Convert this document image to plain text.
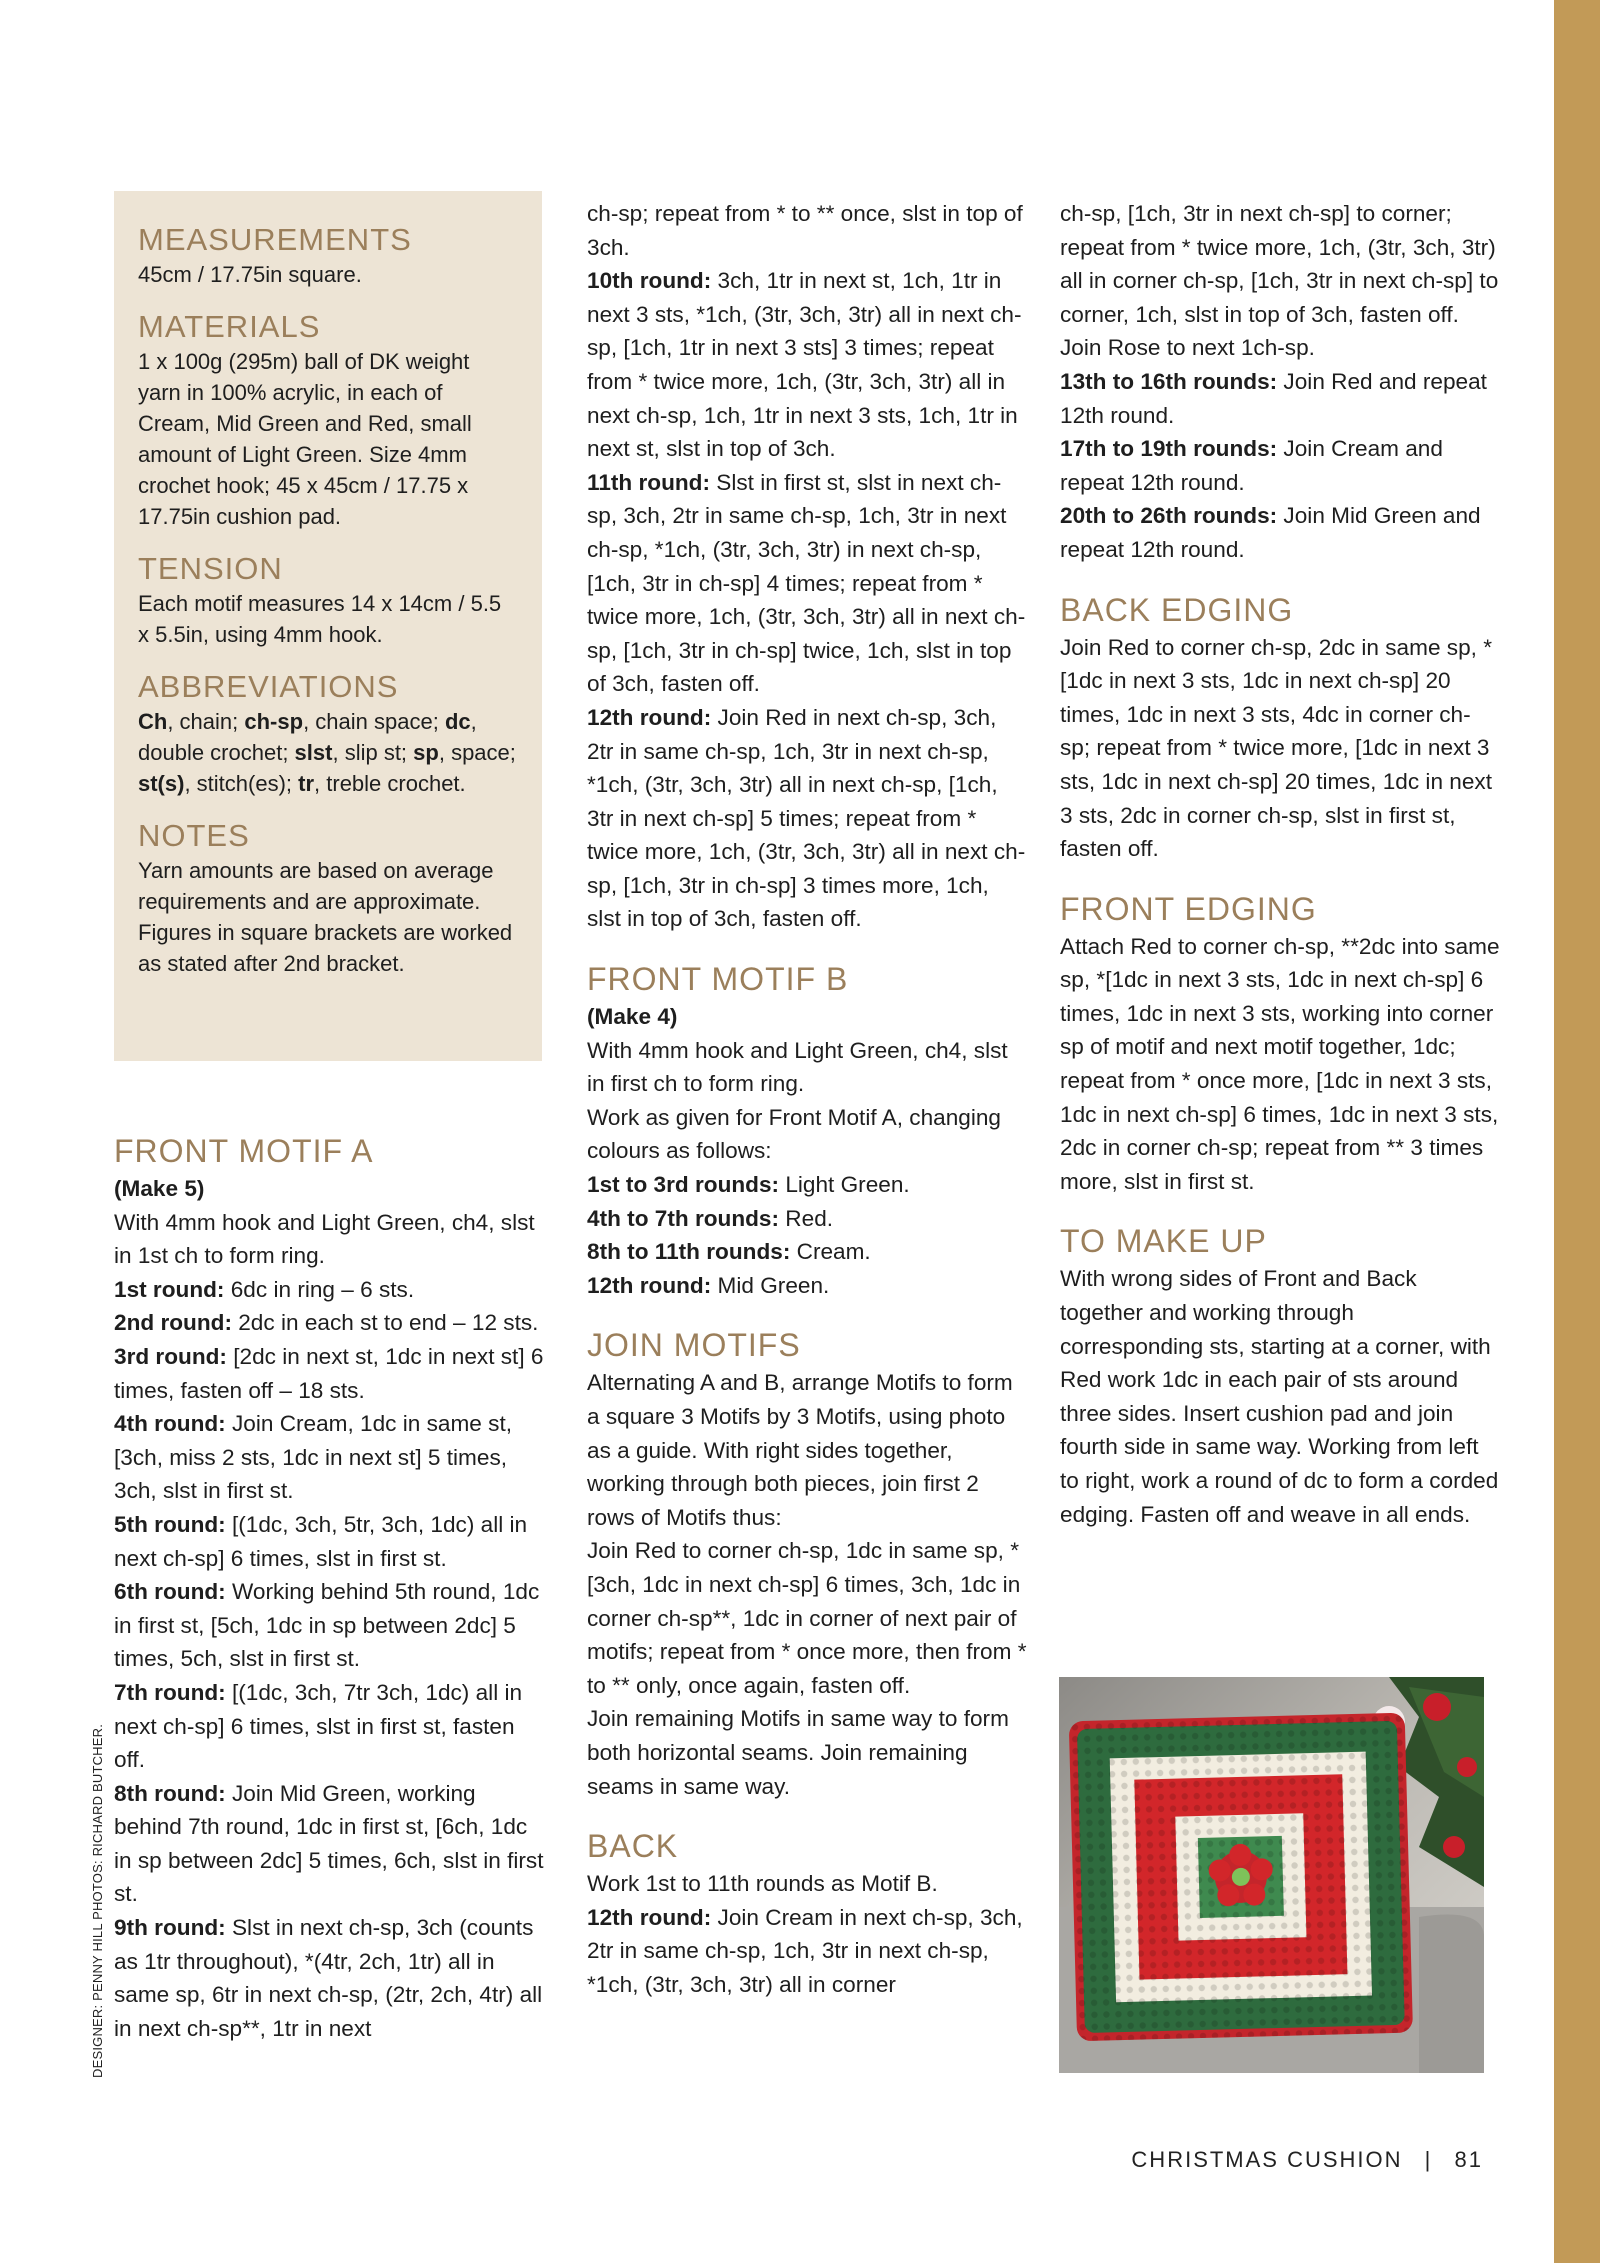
MEASUREMENTS

45cm / 17.75in square.

MATERIALS

1 x 100g (295m) ball of DK weight yarn in 100% acrylic, in each of Cream, Mid Green and Red, small amount of Light Green. Size 4mm crochet hook; 45 x 45cm / 17.75 x 17.75in cushion pad.

TENSION

Each motif measures 14 x 14cm / 5.5 x 5.5in, using 4mm hook.

ABBREVIATIONS

Ch, chain; ch-sp, chain space; dc, double crochet; slst, slip st; sp, space; st(s), stitch(es); tr, treble crochet.

NOTES

Yarn amounts are based on average requirements and are approximate. Figures in square brackets are worked as stated after 2nd bracket.

FRONT MOTIF A

(Make 5)

With 4mm hook and Light Green, ch4, slst in 1st ch to form ring.

1st round: 6dc in ring – 6 sts.

2nd round: 2dc in each st to end – 12 sts.

3rd round: [2dc in next st, 1dc in next st] 6 times, fasten off – 18 sts.

4th round: Join Cream, 1dc in same st, [3ch, miss 2 sts, 1dc in next st] 5 times, 3ch, slst in first st.

5th round: [(1dc, 3ch, 5tr, 3ch, 1dc) all in next ch-sp] 6 times, slst in first st.

6th round: Working behind 5th round, 1dc in first st, [5ch, 1dc in sp between 2dc] 5 times, 5ch, slst in first st.

7th round: [(1dc, 3ch, 7tr 3ch, 1dc) all in next ch-sp] 6 times, slst in first st, fasten off.

8th round: Join Mid Green, working behind 7th round, 1dc in first st, [6ch, 1dc in sp between 2dc] 5 times, 6ch, slst in first st.

9th round: Slst in next ch-sp, 3ch (counts as 1tr throughout), *(4tr, 2ch, 1tr) all in same sp, 6tr in next ch-sp, (2tr, 2ch, 4tr) all in next ch-sp**, 1tr in next

ch-sp; repeat from * to ** once, slst in top of 3ch.

10th round: 3ch, 1tr in next st, 1ch, 1tr in next 3 sts, *1ch, (3tr, 3ch, 3tr) all in next ch-sp, [1ch, 1tr in next 3 sts] 3 times; repeat from * twice more, 1ch, (3tr, 3ch, 3tr) all in next ch-sp, 1ch, 1tr in next 3 sts, 1ch, 1tr in next st, slst in top of 3ch.

11th round: Slst in first st, slst in next ch-sp, 3ch, 2tr in same ch-sp, 1ch, 3tr in next ch-sp, *1ch, (3tr, 3ch, 3tr) in next ch-sp, [1ch, 3tr in ch-sp] 4 times; repeat from * twice more, 1ch, (3tr, 3ch, 3tr) all in next ch-sp, [1ch, 3tr in ch-sp] twice, 1ch, slst in top of 3ch, fasten off.

12th round: Join Red in next ch-sp, 3ch, 2tr in same ch-sp, 1ch, 3tr in next ch-sp, *1ch, (3tr, 3ch, 3tr) all in next ch-sp, [1ch, 3tr in next ch-sp] 5 times; repeat from * twice more, 1ch, (3tr, 3ch, 3tr) all in next ch-sp, [1ch, 3tr in ch-sp] 3 times more, 1ch, slst in top of 3ch, fasten off.

FRONT MOTIF B

(Make 4)

With 4mm hook and Light Green, ch4, slst in first ch to form ring.

Work as given for Front Motif A, changing colours as follows:

1st to 3rd rounds: Light Green.

4th to 7th rounds: Red.

8th to 11th rounds: Cream.

12th round: Mid Green.

JOIN MOTIFS

Alternating A and B, arrange Motifs to form a square 3 Motifs by 3 Motifs, using photo as a guide. With right sides together, working through both pieces, join first 2 rows of Motifs thus:

Join Red to corner ch-sp, 1dc in same sp, *[3ch, 1dc in next ch-sp] 6 times, 3ch, 1dc in corner ch-sp**, 1dc in corner of next pair of motifs; repeat from * once more, then from * to ** only, once again, fasten off.

Join remaining Motifs in same way to form both horizontal seams. Join remaining seams in same way.

BACK

Work 1st to 11th rounds as Motif B.

12th round: Join Cream in next ch-sp, 3ch, 2tr in same ch-sp, 1ch, 3tr in next ch-sp, *1ch, (3tr, 3ch, 3tr) all in corner

ch-sp, [1ch, 3tr in next ch-sp] to corner; repeat from * twice more, 1ch, (3tr, 3ch, 3tr) all in corner ch-sp, [1ch, 3tr in next ch-sp] to corner, 1ch, slst in top of 3ch, fasten off.

Join Rose to next 1ch-sp.

13th to 16th rounds: Join Red and repeat 12th round.

17th to 19th rounds: Join Cream and repeat 12th round.

20th to 26th rounds: Join Mid Green and repeat 12th round.

BACK EDGING

Join Red to corner ch-sp, 2dc in same sp, *[1dc in next 3 sts, 1dc in next ch-sp] 20 times, 1dc in next 3 sts, 4dc in corner ch-sp; repeat from * twice more, [1dc in next 3 sts, 1dc in next ch-sp] 20 times, 1dc in next 3 sts, 2dc in corner ch-sp, slst in first st, fasten off.

FRONT EDGING

Attach Red to corner ch-sp, **2dc into same sp, *[1dc in next 3 sts, 1dc in next ch-sp] 6 times, 1dc in next 3 sts, working into corner sp of motif and next motif together, 1dc; repeat from * once more, [1dc in next 3 sts, 1dc in next ch-sp] 6 times, 1dc in next 3 sts, 2dc in corner ch-sp; repeat from ** 3 times more, slst in first st.

TO MAKE UP

With wrong sides of Front and Back together and working through corresponding sts, starting at a corner, with Red work 1dc in each pair of sts around three sides. Insert cushion pad and join fourth side in same way. Working from left to right, work a round of dc to form a corded edging. Fasten off and weave in all ends.

DESIGNER: PENNY HILL PHOTOS: RICHARD BUTCHER.
CHRISTMAS CUSHION | 81
